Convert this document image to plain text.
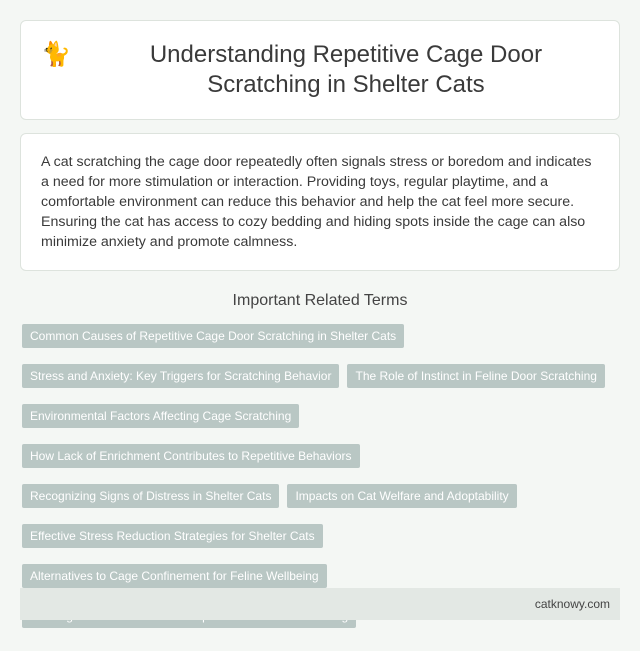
🐈	Understanding Repetitive Cage Door Scratching in Shelter Cats

A cat scratching the cage door repeatedly often signals stress or boredom and indicates a need for more stimulation or interaction. Providing toys, regular playtime, and a comfortable environment can reduce this behavior and help the cat feel more secure. Ensuring the cat has access to cozy bedding and hiding spots inside the cage can also minimize anxiety and promote calmness.

Important Related Terms
Common Causes of Repetitive Cage Door Scratching in Shelter Cats
Stress and Anxiety: Key Triggers for Scratching Behavior	The Role of Instinct in Feline Door Scratching
Environmental Factors Affecting Cage Scratching
How Lack of Enrichment Contributes to Repetitive Behaviors
Recognizing Signs of Distress in Shelter Cats	Impacts on Cat Welfare and Adoptability
Effective Stress Reduction Strategies for Shelter Cats
Alternatives to Cage Confinement for Feline Wellbeing
catknowy.com
